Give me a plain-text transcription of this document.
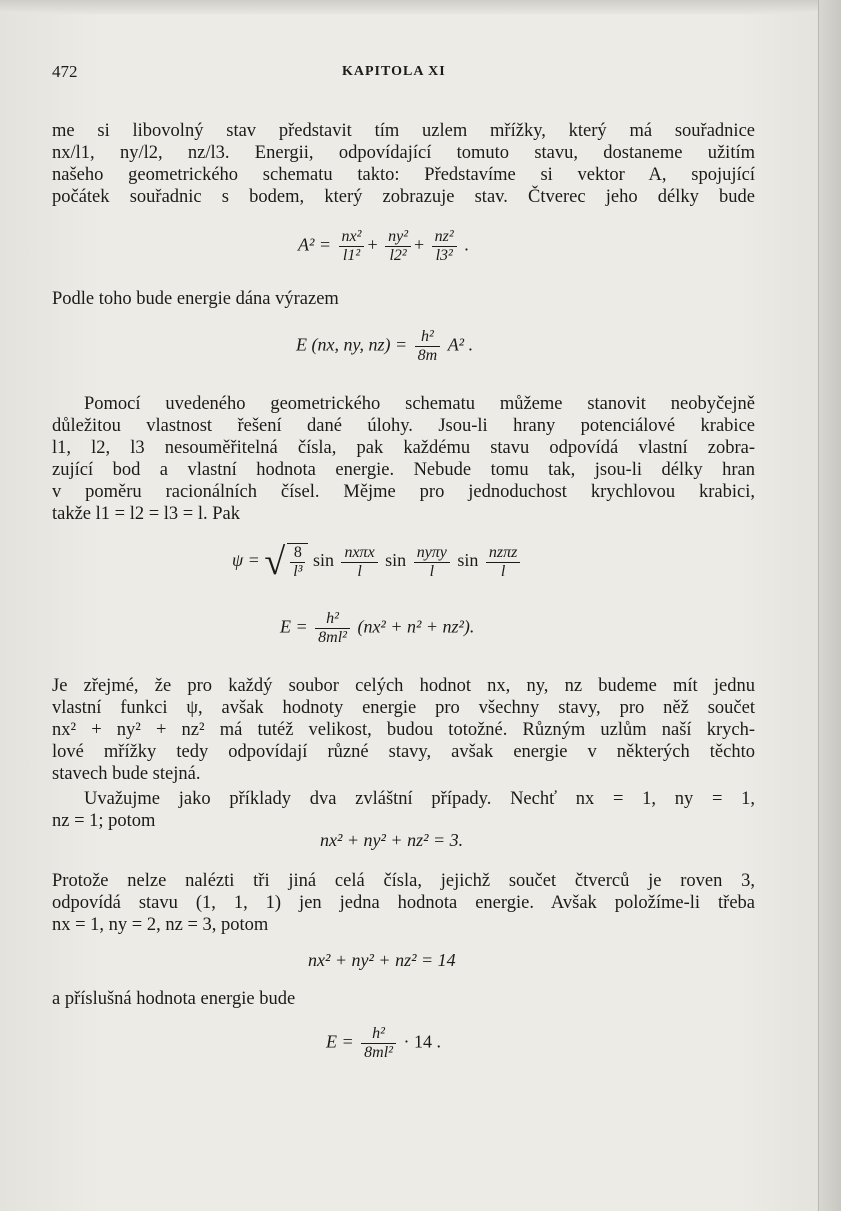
472	KAPITOLA XI
me si libovolný stav představit tím uzlem mřížky, který má souřadnice
nx/l1, ny/l2, nz/l3. Energii, odpovídající tomuto stavu, dostaneme užitím
našeho geometrického schematu takto: Představíme si vektor A, spojující
počátek souřadnic s bodem, který zobrazuje stav. Čtverec jeho délky bude
$A^2 = \frac{\text{nx²}}{\text{l1²}} + \frac{\text{ny²}}{\text{l2²}} + \frac{\text{nz²}}{\text{l3²}}$ .
Podle toho bude energie dána výrazem
E (nx, ny, $nz) = \frac{\text{h²}}{8m} A^2$ .
Pomocí uvedeného geometrického schematu můžeme stanovit neobyčejně
důležitou vlastnost řešení dané úlohy. Jsou-li hrany potenciálové krabice
l1, l2, l3 nesouměřitelná čísla, pak každému stavu odpovídá vlastní zobra-
zující bod a vlastní hodnota energie. Nebude tomu tak, jsou-li délky hran
v poměru racionálních čísel. Mějme pro jednoduchost krychlovou krabici,
takže l1 = l2 = l3 = l. Pak
ψ = √ $\frac{8}{\text{l³}}$ $\sin \frac{\text{nxπx}}{l}$ $\sin \frac{\text{nyπy}}{l}$ $\sin \frac{\text{nzπz}}{l}$
$E = \frac{\text{h²}}{\text{8ml²}} (nx^2 + n^2 + nz^2)$.
Je zřejmé, že pro každý soubor celých hodnot nx, ny, nz budeme mít jednu
vlastní funkci ψ, avšak hodnoty energie pro všechny stavy, pro něž součet
nx² + ny² + nz² má tutéž velikost, budou totožné. Různým uzlům naší krych-
lové mřížky tedy odpovídají různé stavy, avšak energie v některých těchto
stavech bude stejná.
Uvažujme jako příklady dva zvláštní případy. Nechť nx = 1, ny = 1,
nz = 1; potom
nx² + ny² + nz² = 3.
Protože nelze nalézti tři jiná celá čísla, jejichž součet čtverců je roven 3,
odpovídá stavu (1, 1, 1) jen jedna hodnota energie. Avšak položíme-li třeba
nx = 1, ny = 2, nz = 3, potom
nx² + ny² + nz² = 14
a příslušná hodnota energie bude
$E = \frac{\text{h²}}{\text{8ml²}} \cdot 14$ .
